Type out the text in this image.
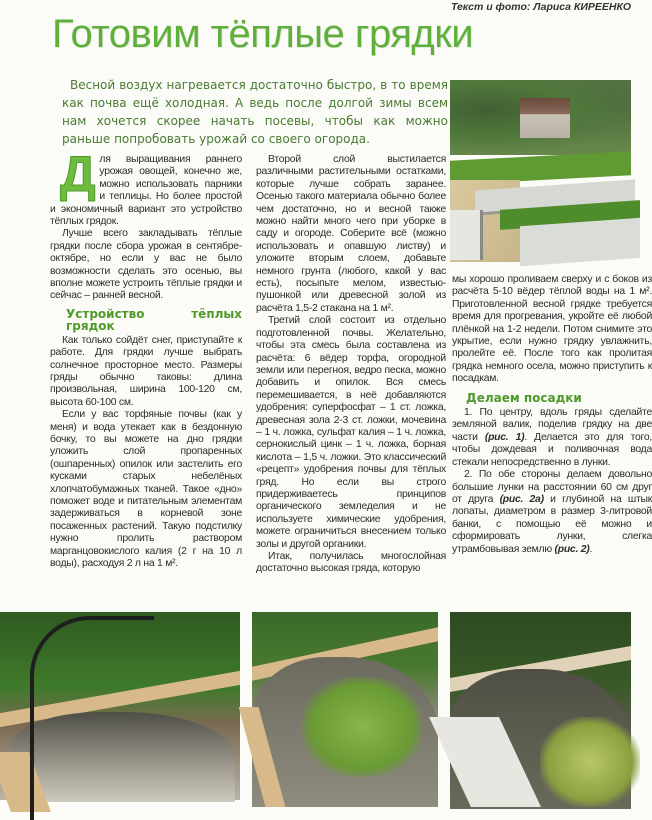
Текст и фото: Лариса КИРЕЕНКО
Готовим тёплые грядки
Весной воздух нагревается достаточно быстро, в то время как почва ещё холодная. А ведь после долгой зимы всем нам хочется скорее начать посевы, чтобы как можно раньше попробовать урожай со своего огорода.

Для выращивания раннего урожая овощей, конечно же, можно использовать парники и теплицы. Но более простой и экономичный вариант это устройство тёплых грядок.

Лучше всего закладывать тёплые грядки после сбора урожая в сентябре-октябре, но если у вас не было возможности сделать это осенью, вы вполне можете устроить тёплые грядки и сейчас – ранней весной.

Устройство тёплых грядок

Как только сойдёт снег, приступайте к работе. Для грядки лучше выбрать солнечное просторное место. Размеры гряды обычно таковы: длина произвольная, ширина 100-120 см, высота 60-100 см.

Если у вас торфяные почвы (как у меня) и вода утекает как в бездонную бочку, то вы можете на дно грядки уложить слой пропаренных (ошпаренных) опилок или застелить его кусками старых небелёных хлопчатобумажных тканей. Такое «дно» поможет воде и питательным элементам задерживаться в корневой зоне посаженных растений. Такую подстилку нужно пролить раствором марганцовокислого калия (2 г на 10 л воды), расходуя 2 л на 1 м².

Второй слой выстилается различными растительными остатками, которые лучше собрать заранее. Осенью такого материала обычно более чем достаточно, но и весной также можно найти много чего при уборке в саду и огороде. Соберите всё (можно использовать и опавшую листву) и уложите вторым слоем, добавьте немного грунта (любого, какой у вас есть), посыпьте мелом, известью-пушонкой или древесной золой из расчёта 1,5-2 стакана на 1 м².

Третий слой состоит из отдельно подготовленной почвы. Желательно, чтобы эта смесь была составлена из расчёта: 6 вёдер торфа, огородной земли или перегноя, ведро песка, можно добавить и опилок. Вся смесь перемешивается, в неё добавляются удобрения: суперфосфат – 1 ст. ложка, древесная зола 2-3 ст. ложки, мочевина – 1 ч. ложка, сульфат калия – 1 ч. ложка, сернокислый цинк – 1 ч. ложка, борная кислота – 1,5 ч. ложки. Это классический «рецепт» удобрения почвы для тёплых гряд. Но если вы строго придерживаетесь принципов органического земледелия и не используете химические удобрения, можете ограничиться внесением только золы и другой органики.

Итак, получилась многослойная достаточно высокая гряда, которую

мы хорошо проливаем сверху и с боков из расчёта 5-10 вёдер тёплой воды на 1 м². Приготовленной весной грядке требуется время для прогревания, укройте её любой плёнкой на 1-2 недели. Потом снимите это укрытие, если нужно грядку увлажнить, пролейте её. После того как пролитая грядка немного осела, можно приступить к посадкам.

Делаем посадки

1. По центру, вдоль гряды сделайте земляной валик, поделив грядку на две части (рис. 1). Делается это для того, чтобы дождевая и поливочная вода стекали непосредственно в лунки.

2. По обе стороны делаем довольно большие лунки на расстоянии 60 см друг от друга (рис. 2а) и глубиной на штык лопаты, диаметром в размер 3-литровой банки, с помощью её можно и сформировать лунки, слегка утрамбовывая землю (рис. 2).
